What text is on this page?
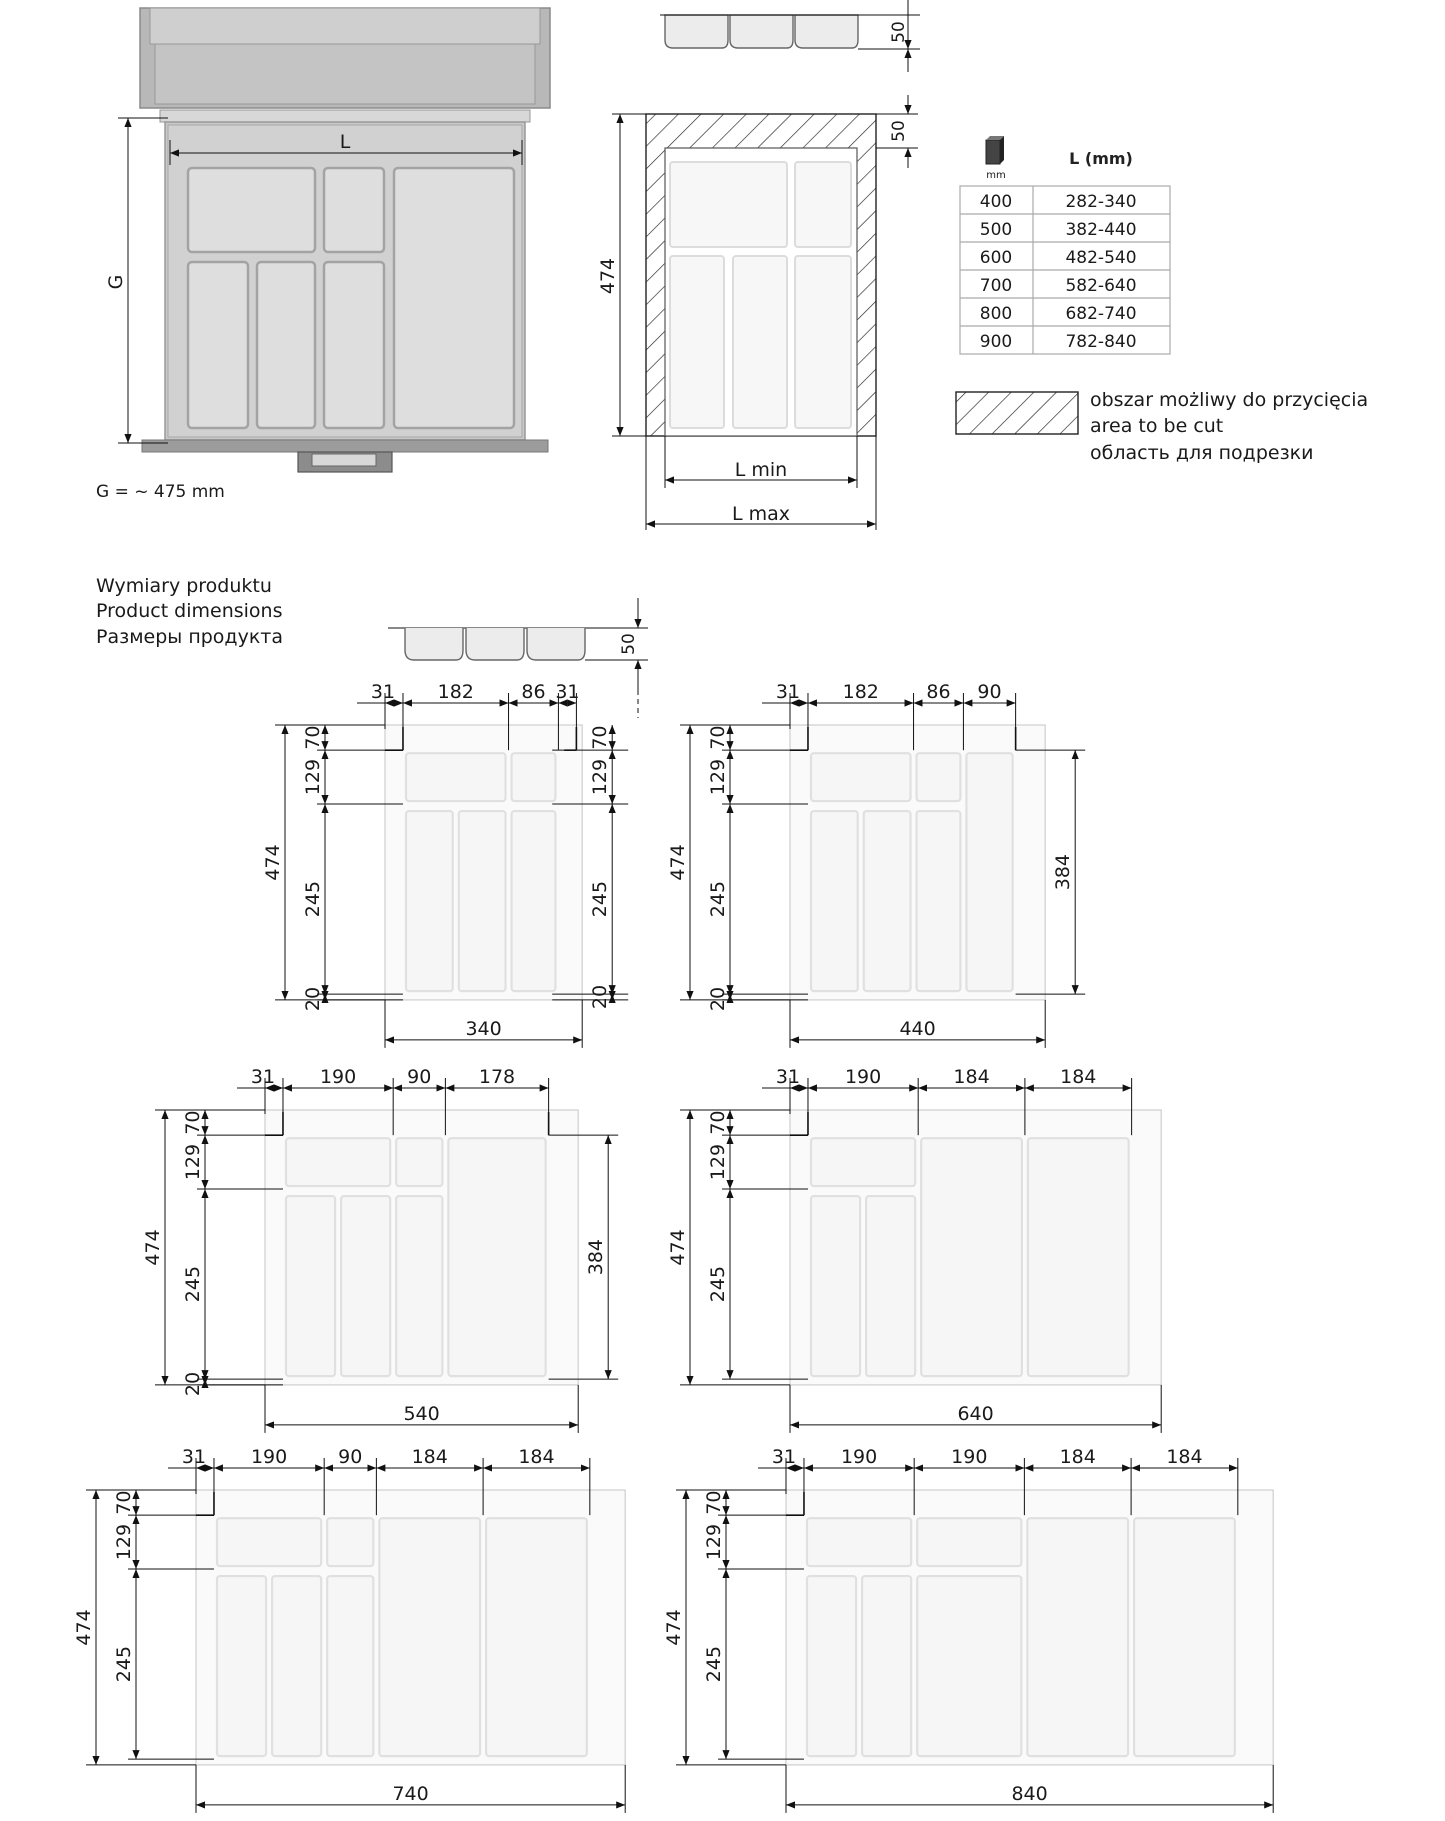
L
G
G = ~ 475 mm
50
50
474
L min
L max
mm
L (mm)
400	282-340
500	382-440
600	482-540
700	582-640
800	682-740
900	782-840
obszar możliwy do przycięcia
area to be cut
область для подрезки
Wymiary produktu
Product dimensions
Размеры продукта	50
31 182 86 31
474
70
129
245
20
70
129
245
20
340
31 182 86 90
474
70
129
245
20
384
440
31 190	90 178
474
70
129
245
20
384
540
31 190	184	184
474
70
129
245
640
31 190	90	184	184
474
70
129
245
740
31 190	190	184	184
474
70
129
245
840
